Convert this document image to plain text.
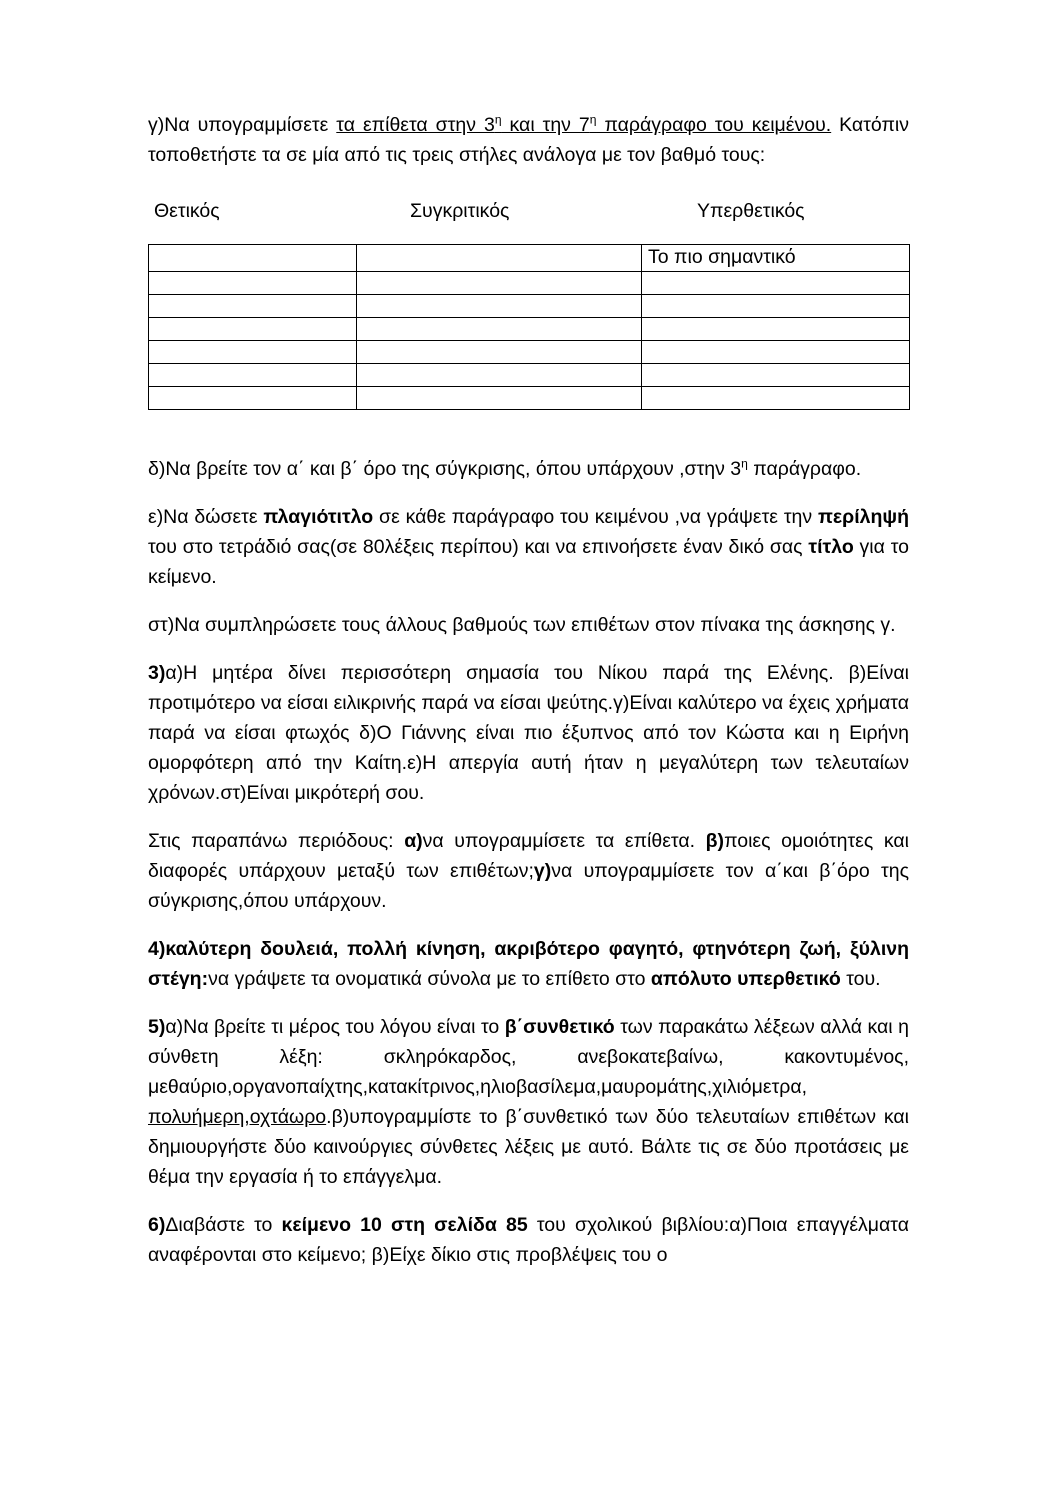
γ)Να υπογραμμίσετε τα επίθετα στην $3^\eta$ και την $7^\eta$ παράγραφο του κειμένου. Κατόπιν τοποθετήστε τα σε μία από τις τρεις στήλες ανάλογα με τον βαθμό τους:

Θετικός	Συγκριτικός	Υπερθετικός
		Το πιο σημαντικό

δ)Να βρείτε τον α΄ και β΄ όρο της σύγκρισης, όπου υπάρχουν ,στην $3^\eta$ παράγραφο.

ε)Να δώσετε πλαγιότιτλο σε κάθε παράγραφο του κειμένου ,να γράψετε την περίληψή του στο τετράδιό σας(σε 80λέξεις περίπου) και να επινοήσετε έναν δικό σας τίτλο για το κείμενο.

στ)Να συμπληρώσετε τους άλλους βαθμούς των επιθέτων στον πίνακα της άσκησης γ.

3)α)Η μητέρα δίνει περισσότερη σημασία του Νίκου παρά της Ελένης. β)Είναι προτιμότερο να είσαι ειλικρινής παρά να είσαι ψεύτης.γ)Είναι καλύτερο να έχεις χρήματα παρά να είσαι φτωχός δ)Ο Γιάννης είναι πιο έξυπνος από τον Κώστα και η Ειρήνη ομορφότερη από την Καίτη.ε)Η απεργία αυτή ήταν η μεγαλύτερη των τελευταίων χρόνων.στ)Είναι μικρότερή σου.

Στις παραπάνω περιόδους: α)να υπογραμμίσετε τα επίθετα. β)ποιες ομοιότητες και διαφορές υπάρχουν μεταξύ των επιθέτων;γ)να υπογραμμίσετε τον α΄και β΄όρο της σύγκρισης,όπου υπάρχουν.

4)καλύτερη δουλειά, πολλή κίνηση, ακριβότερο φαγητό, φτηνότερη ζωή, ξύλινη στέγη:να γράψετε τα ονοματικά σύνολα με το επίθετο στο απόλυτο υπερθετικό του.

5)α)Να βρείτε τι μέρος του λόγου είναι το β΄συνθετικό των παρακάτω λέξεων αλλά και η σύνθετη λέξη: σκληρόκαρδος, ανεβοκατεβαίνω, κακοντυμένος, μεθαύριο,οργανοπαίχτης,κατακίτρινος,ηλιοβασίλεμα,μαυρομάτης,χιλιόμετρα, πολυήμερη,οχτάωρο.β)υπογραμμίστε το β΄συνθετικό των δύο τελευταίων επιθέτων και δημιουργήστε δύο καινούργιες σύνθετες λέξεις με αυτό. Βάλτε τις σε δύο προτάσεις με θέμα την εργασία ή το επάγγελμα.

6)Διαβάστε το κείμενο 10 στη σελίδα 85 του σχολικού βιβλίου:α)Ποια επαγγέλματα αναφέρονται στο κείμενο; β)Είχε δίκιο στις προβλέψεις του ο
